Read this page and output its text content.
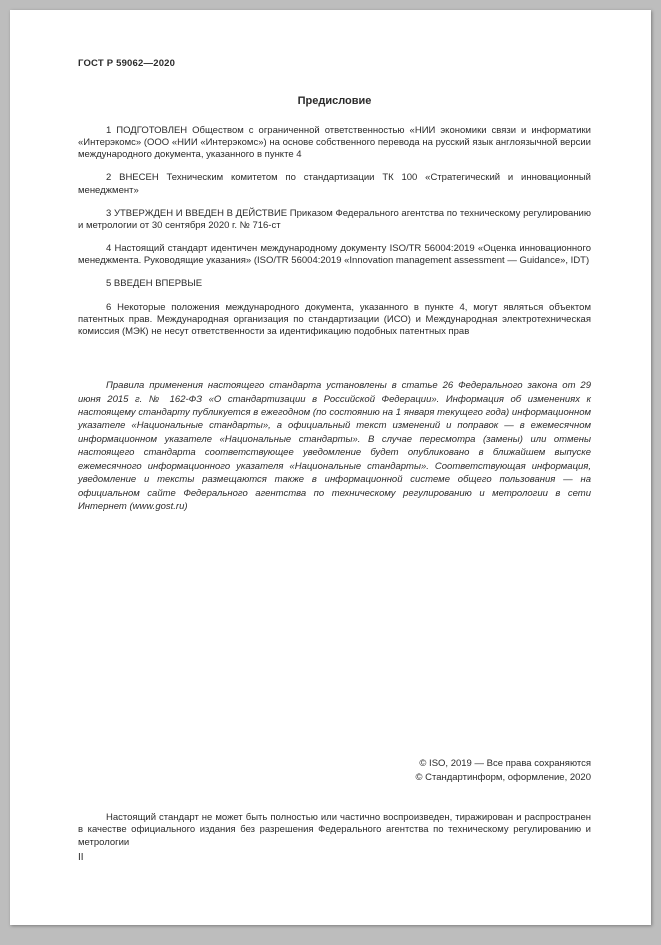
ГОСТ Р 59062—2020
Предисловие

1 ПОДГОТОВЛЕН Обществом с ограниченной ответственностью «НИИ экономики связи и информатики «Интерэкомс» (ООО «НИИ «Интерэкомс») на основе собственного перевода на русский язык англоязычной версии международного документа, указанного в пункте 4

2 ВНЕСЕН Техническим комитетом по стандартизации ТК 100 «Стратегический и инновационный менеджмент»

3 УТВЕРЖДЕН И ВВЕДЕН В ДЕЙСТВИЕ Приказом Федерального агентства по техническому регулированию и метрологии от 30 сентября 2020 г. № 716-ст

4 Настоящий стандарт идентичен международному документу ISO/TR 56004:2019 «Оценка инновационного менеджмента. Руководящие указания» (ISO/TR 56004:2019 «Innovation management assessment — Guidance», IDT)

5 ВВЕДЕН ВПЕРВЫЕ

6 Некоторые положения международного документа, указанного в пункте 4, могут являться объектом патентных прав. Международная организация по стандартизации (ИСО) и Международная электротехническая комиссия (МЭК) не несут ответственности за идентификацию подобных патентных прав

Правила применения настоящего стандарта установлены в статье 26 Федерального закона от 29 июня 2015 г. № 162-ФЗ «О стандартизации в Российской Федерации». Информация об изменениях к настоящему стандарту публикуется в ежегодном (по состоянию на 1 января текущего года) информационном указателе «Национальные стандарты», а официальный текст изменений и поправок — в ежемесячном информационном указателе «Национальные стандарты». В случае пересмотра (замены) или отмены настоящего стандарта соответствующее уведомление будет опубликовано в ближайшем выпуске ежемесячного информационного указателя «Национальные стандарты». Соответствующая информация, уведомление и тексты размещаются также в информационной системе общего пользования — на официальном сайте Федерального агентства по техническому регулированию и метрологии в сети Интернет (www.gost.ru)
© ISO, 2019 — Все права сохраняются
© Стандартинформ, оформление, 2020
Настоящий стандарт не может быть полностью или частично воспроизведен, тиражирован и распространен в качестве официального издания без разрешения Федерального агентства по техническому регулированию и метрологии
II
